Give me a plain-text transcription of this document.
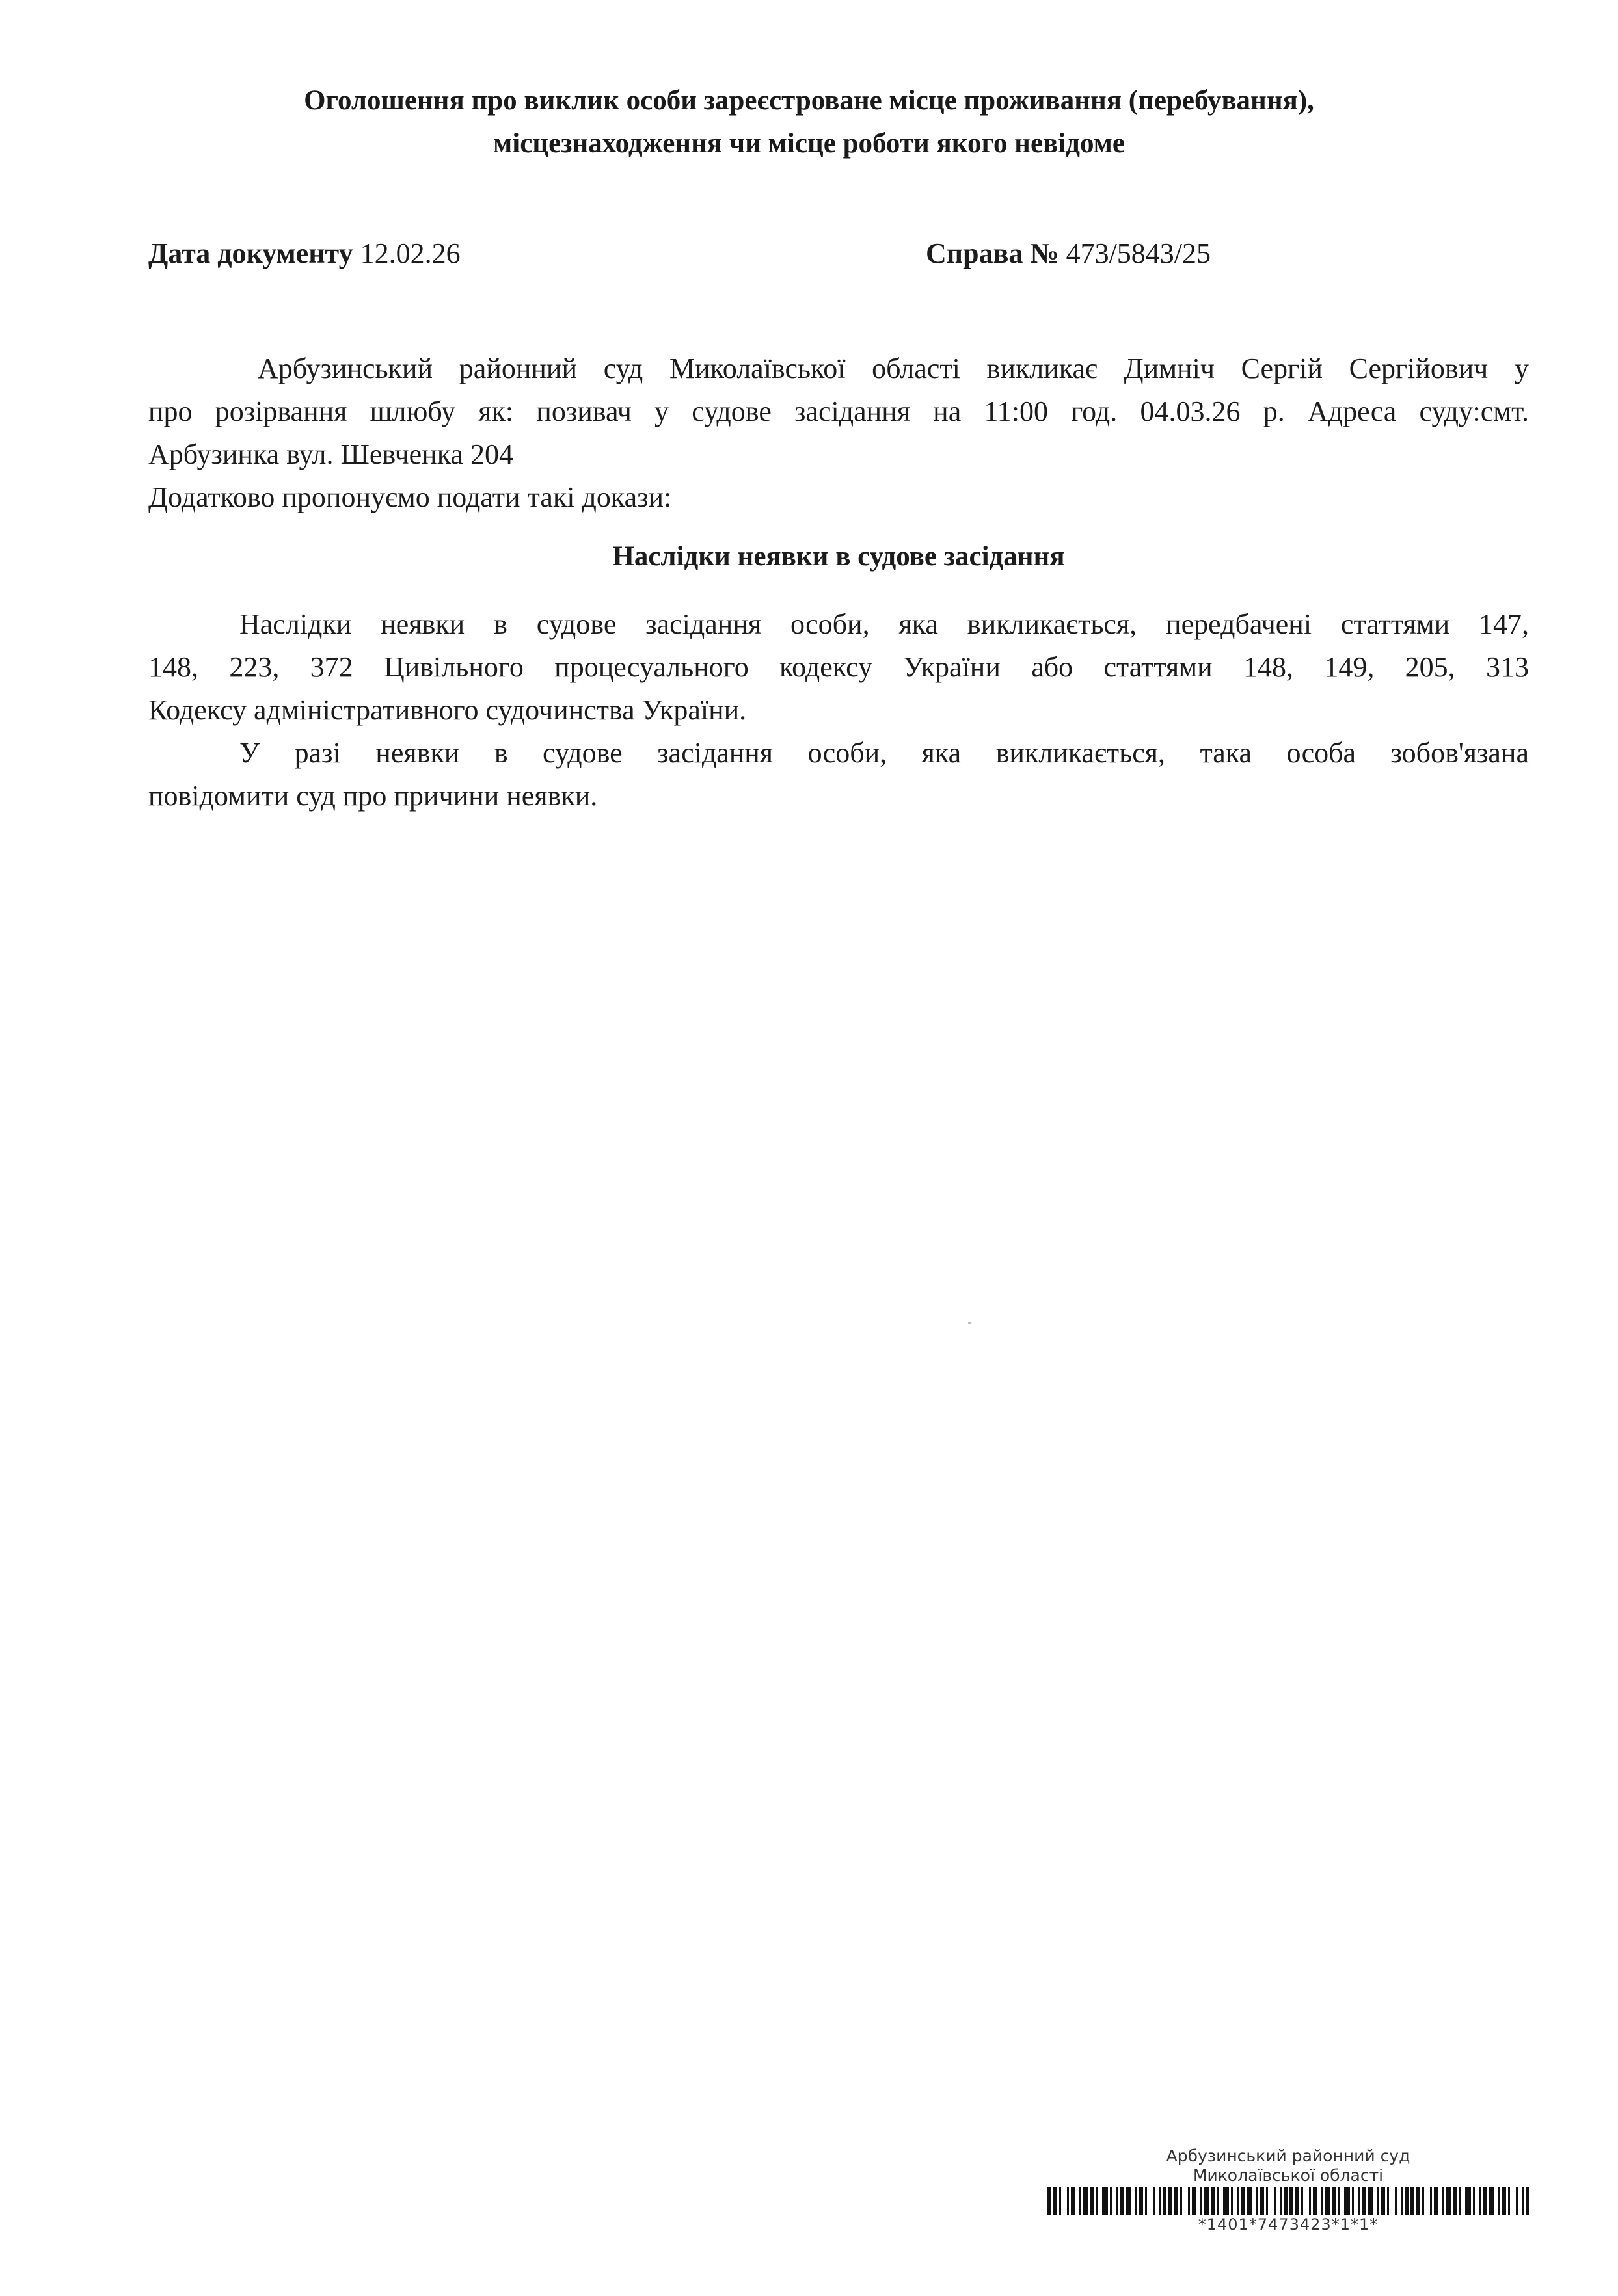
Оголошення про виклик особи зареєстроване місце проживання (перебування),
місцезнаходження чи місце роботи якого невідоме
Дата документу 12.02.26	Справа № 473/5843/25
Арбузинський районний суд Миколаївської області викликає Димніч Сергій Сергійович у
про розірвання шлюбу як: позивач у судове засідання на 11:00 год. 04.03.26 р. Адреса суду:смт.
Арбузинка вул. Шевченка 204
Додатково пропонуємо подати такі докази:
Наслідки неявки в судове засідання
Наслідки неявки в судове засідання особи, яка викликається, передбачені статтями 147,
148, 223, 372 Цивільного процесуального кодексу України або статтями 148, 149, 205, 313
Кодексу адміністративного судочинства України.
У разі неявки в судове засідання особи, яка викликається, така особа зобов'язана
повідомити суд про причини неявки.
Арбузинський районний суд
Миколаївської області
*1401*7473423*1*1*
